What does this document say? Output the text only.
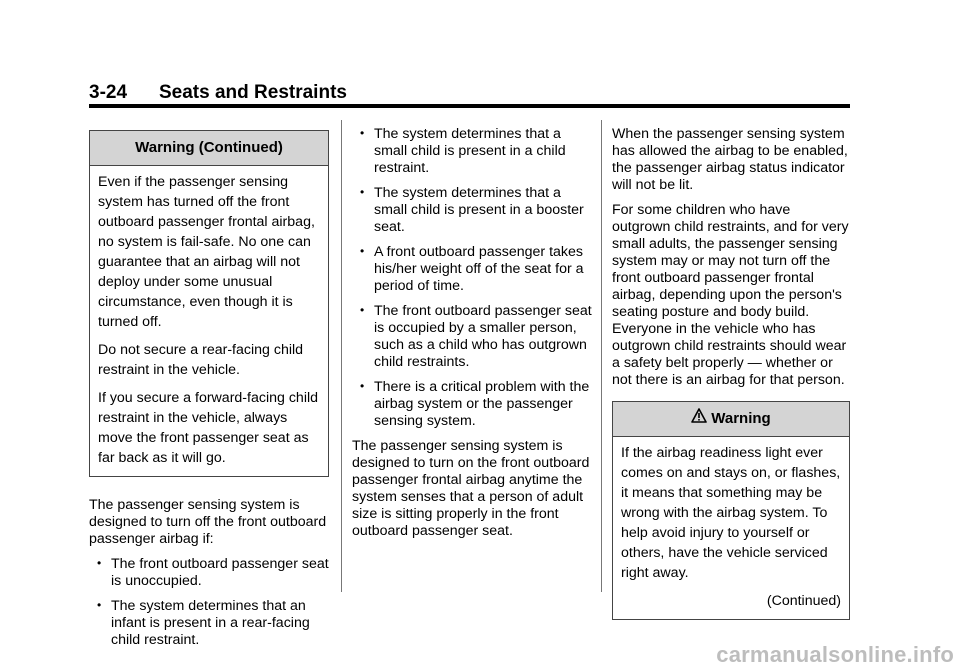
3-24 Seats and Restraints
Warning (Continued)

Even if the passenger sensing system has turned off the front outboard passenger frontal airbag, no system is fail-safe. No one can guarantee that an airbag will not deploy under some unusual circumstance, even though it is turned off.

Do not secure a rear-facing child restraint in the vehicle.

If you secure a forward-facing child restraint in the vehicle, always move the front passenger seat as far back as it will go.

The passenger sensing system is designed to turn off the front outboard passenger airbag if:

• The front outboard passenger seat is unoccupied.
• The system determines that an infant is present in a rear-facing child restraint.
• The system determines that a small child is present in a child restraint.
• The system determines that a small child is present in a booster seat.
• A front outboard passenger takes his/her weight off of the seat for a period of time.
• The front outboard passenger seat is occupied by a smaller person, such as a child who has outgrown child restraints.
• There is a critical problem with the airbag system or the passenger sensing system.

The passenger sensing system is designed to turn on the front outboard passenger frontal airbag anytime the system senses that a person of adult size is sitting properly in the front outboard passenger seat.

When the passenger sensing system has allowed the airbag to be enabled, the passenger airbag status indicator will not be lit.

For some children who have outgrown child restraints, and for very small adults, the passenger sensing system may or may not turn off the front outboard passenger frontal airbag, depending upon the person's seating posture and body build. Everyone in the vehicle who has outgrown child restraints should wear a safety belt properly — whether or not there is an airbag for that person.

Warning

If the airbag readiness light ever comes on and stays on, or flashes, it means that something may be wrong with the airbag system. To help avoid injury to yourself or others, have the vehicle serviced right away.

(Continued)
carmanualsonline.info
